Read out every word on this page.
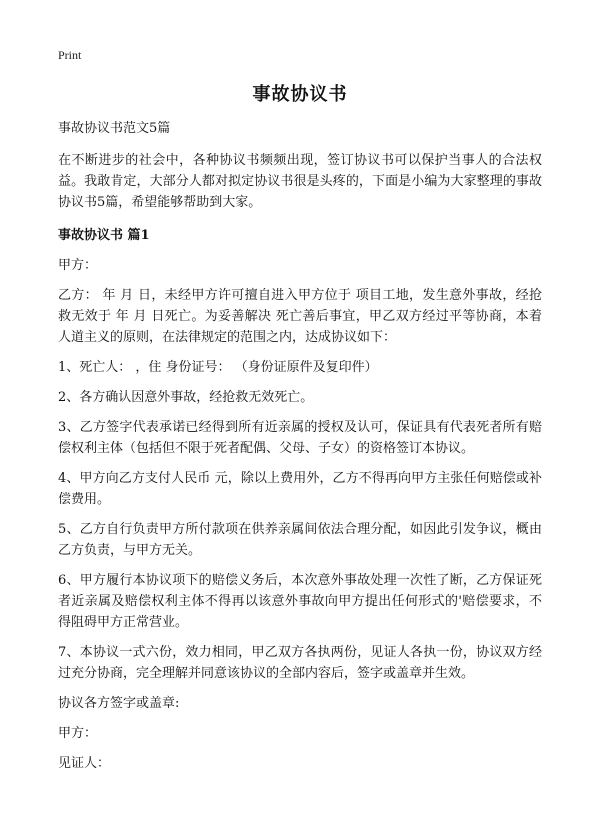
Print
事故协议书
事故协议书范文5篇

在不断进步的社会中，各种协议书频频出现，签订协议书可以保护当事人的合法权益。我敢肯定，大部分人都对拟定协议书很是头疼的，下面是小编为大家整理的事故协议书5篇，希望能够帮助到大家。

事故协议书 篇1

甲方：

乙方： 年 月 日，未经甲方许可擅自进入甲方位于 项目工地，发生意外事故，经抢救无效于 年 月 日死亡。为妥善解决 死亡善后事宜，甲乙双方经过平等协商，本着人道主义的原则，在法律规定的范围之内，达成协议如下：

1、死亡人： ，住 身份证号： （身份证原件及复印件）

2、各方确认因意外事故，经抢救无效死亡。

3、乙方签字代表承诺已经得到所有近亲属的授权及认可，保证具有代表死者所有赔偿权利主体（包括但不限于死者配偶、父母、子女）的资格签订本协议。

4、甲方向乙方支付人民币 元，除以上费用外，乙方不得再向甲方主张任何赔偿或补偿费用。

5、乙方自行负责甲方所付款项在供养亲属间依法合理分配，如因此引发争议，概由乙方负责，与甲方无关。

6、甲方履行本协议项下的赔偿义务后，本次意外事故处理一次性了断，乙方保证死者近亲属及赔偿权利主体不得再以该意外事故向甲方提出任何形式的'赔偿要求，不得阻碍甲方正常营业。

7、本协议一式六份，效力相同，甲乙双方各执两份，见证人各执一份，协议双方经过充分协商，完全理解并同意该协议的全部内容后，签字或盖章并生效。

协议各方签字或盖章:

甲方：

见证人：
